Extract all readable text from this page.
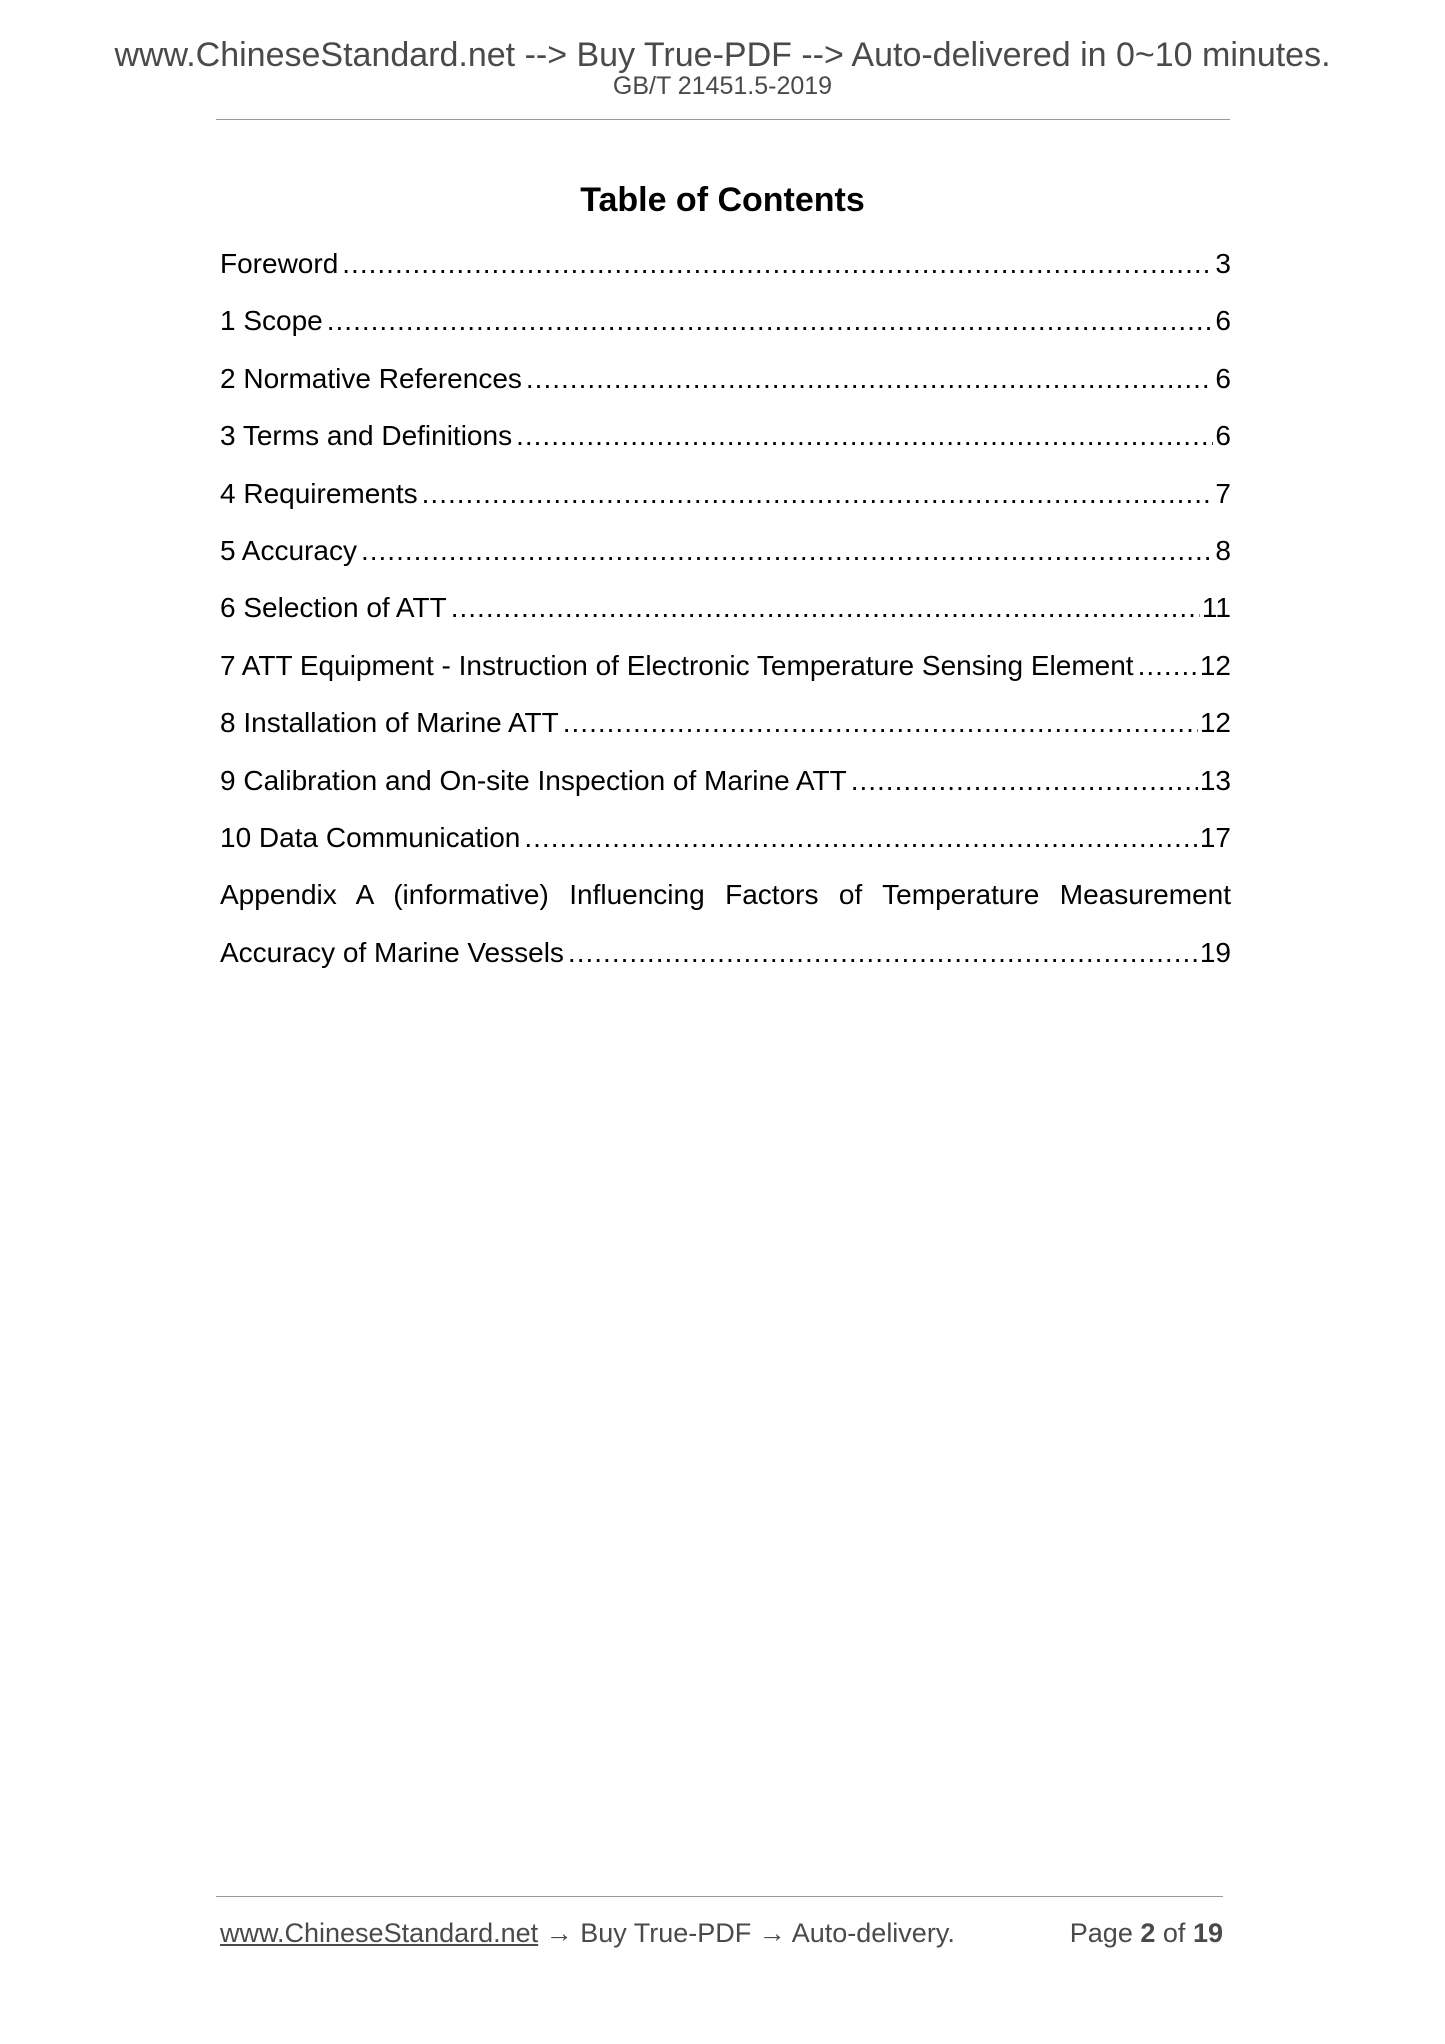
www.ChineseStandard.net --> Buy True-PDF --> Auto-delivered in 0~10 minutes.
GB/T 21451.5-2019
Table of Contents
Foreword .....	3
1 Scope .....	6
2 Normative References .....	6
3 Terms and Definitions .....	6
4 Requirements .....	7
5 Accuracy .....	8
6 Selection of ATT .....	11
7 ATT Equipment - Instruction of Electronic Temperature Sensing Element ..... 12
8 Installation of Marine ATT .....	12
9 Calibration and On-site Inspection of Marine ATT .....	13
10 Data Communication .....	17
Appendix A (informative) Influencing Factors of Temperature Measurement
Accuracy of Marine Vessels .....	19
www.ChineseStandard.net → Buy True-PDF → Auto-delivery.	Page 2 of 19
